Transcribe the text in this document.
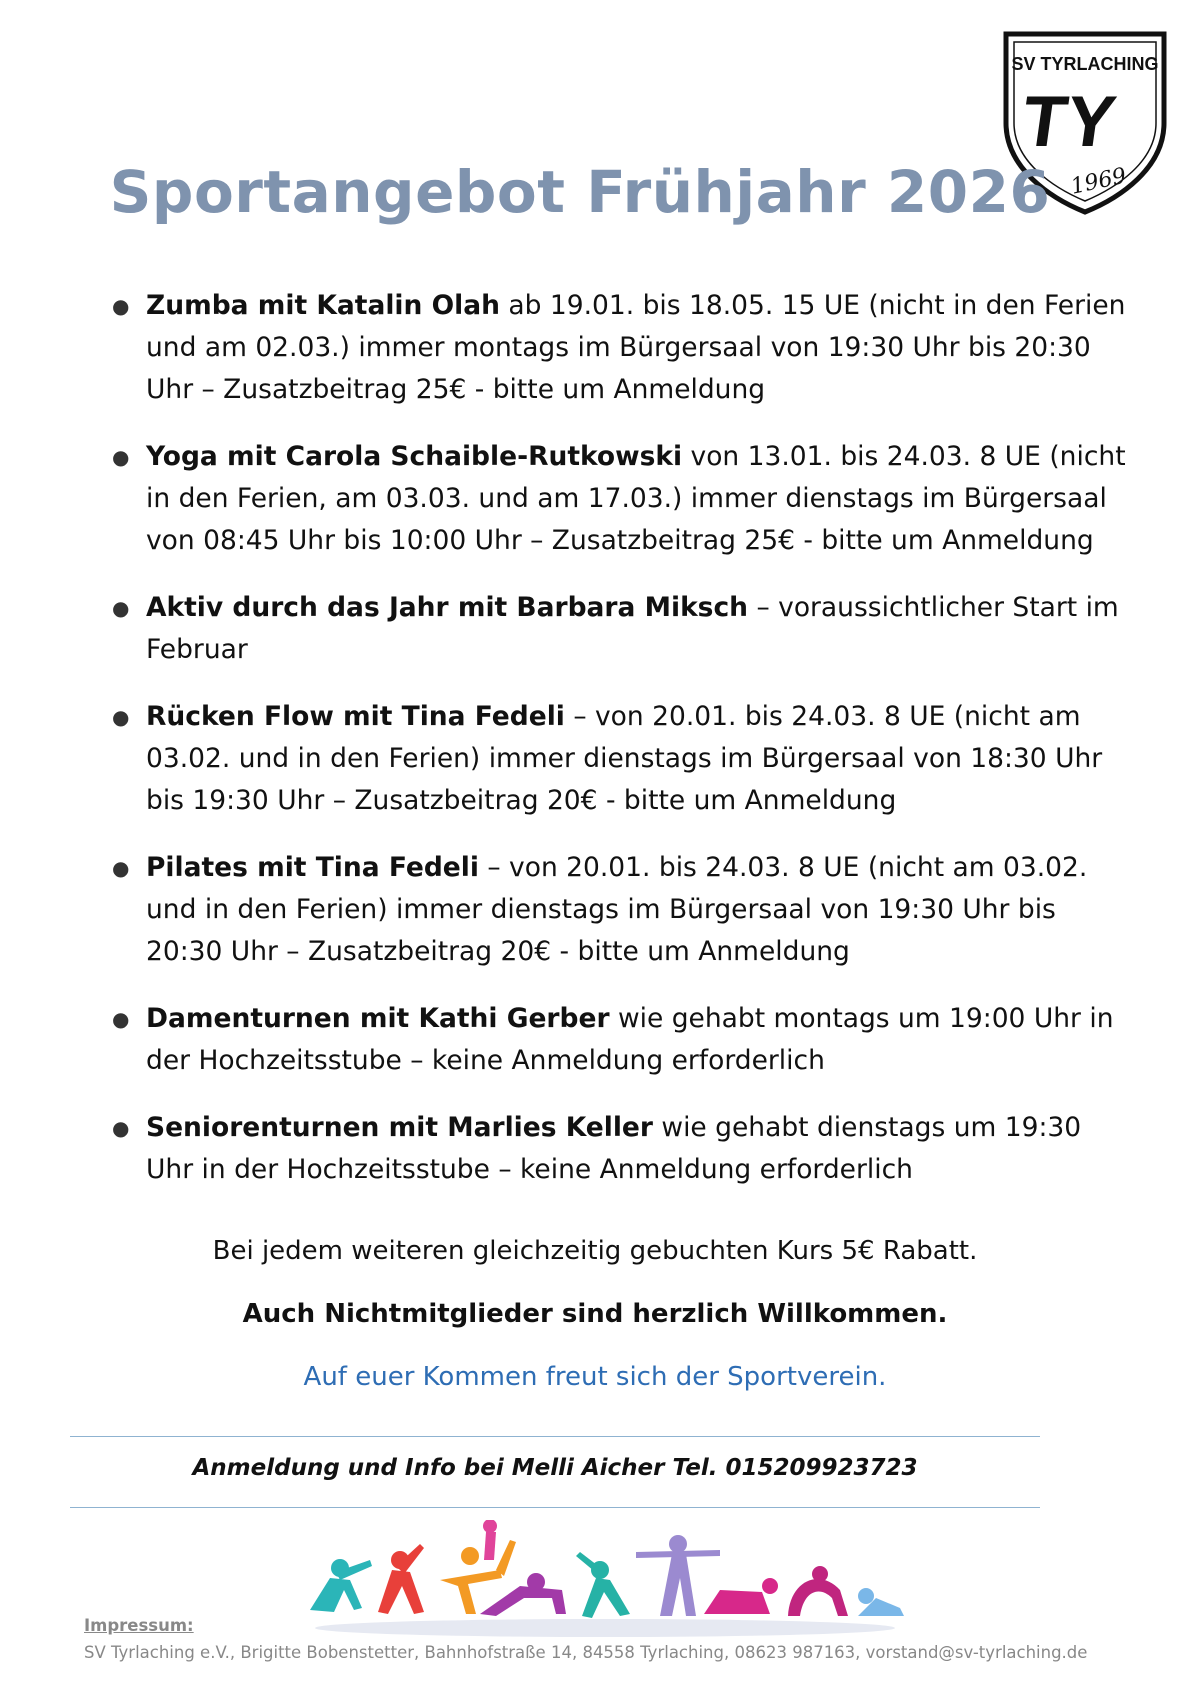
SV TYRLACHING
TY
1969
Sportangebot Frühjahr 2026
● Zumba mit Katalin Olah ab 19.01. bis 18.05. 15 UE (nicht in den Ferien und am 02.03.) immer montags im Bürgersaal von 19:30 Uhr bis 20:30 Uhr – Zusatzbeitrag 25€ - bitte um Anmeldung
● Yoga mit Carola Schaible-Rutkowski von 13.01. bis 24.03. 8 UE (nicht in den Ferien, am 03.03. und am 17.03.) immer dienstags im Bürgersaal von 08:45 Uhr bis 10:00 Uhr – Zusatzbeitrag 25€ - bitte um Anmeldung
● Aktiv durch das Jahr mit Barbara Miksch – voraussichtlicher Start im Februar
● Rücken Flow mit Tina Fedeli – von 20.01. bis 24.03. 8 UE (nicht am 03.02. und in den Ferien) immer dienstags im Bürgersaal von 18:30 Uhr bis 19:30 Uhr – Zusatzbeitrag 20€ - bitte um Anmeldung
● Pilates mit Tina Fedeli – von 20.01. bis 24.03. 8 UE (nicht am 03.02. und in den Ferien) immer dienstags im Bürgersaal von 19:30 Uhr bis 20:30 Uhr – Zusatzbeitrag 20€ - bitte um Anmeldung
● Damenturnen mit Kathi Gerber wie gehabt montags um 19:00 Uhr in der Hochzeitsstube – keine Anmeldung erforderlich
● Seniorenturnen mit Marlies Keller wie gehabt dienstags um 19:30 Uhr in der Hochzeitsstube – keine Anmeldung erforderlich

Bei jedem weiteren gleichzeitig gebuchten Kurs 5€ Rabatt.

Auch Nichtmitglieder sind herzlich Willkommen.

Auf euer Kommen freut sich der Sportverein.

Anmeldung und Info bei Melli Aicher Tel. 015209923723

Impressum:

SV Tyrlaching e.V., Brigitte Bobenstetter, Bahnhofstraße 14, 84558 Tyrlaching, 08623 987163, vorstand@sv-tyrlaching.de
